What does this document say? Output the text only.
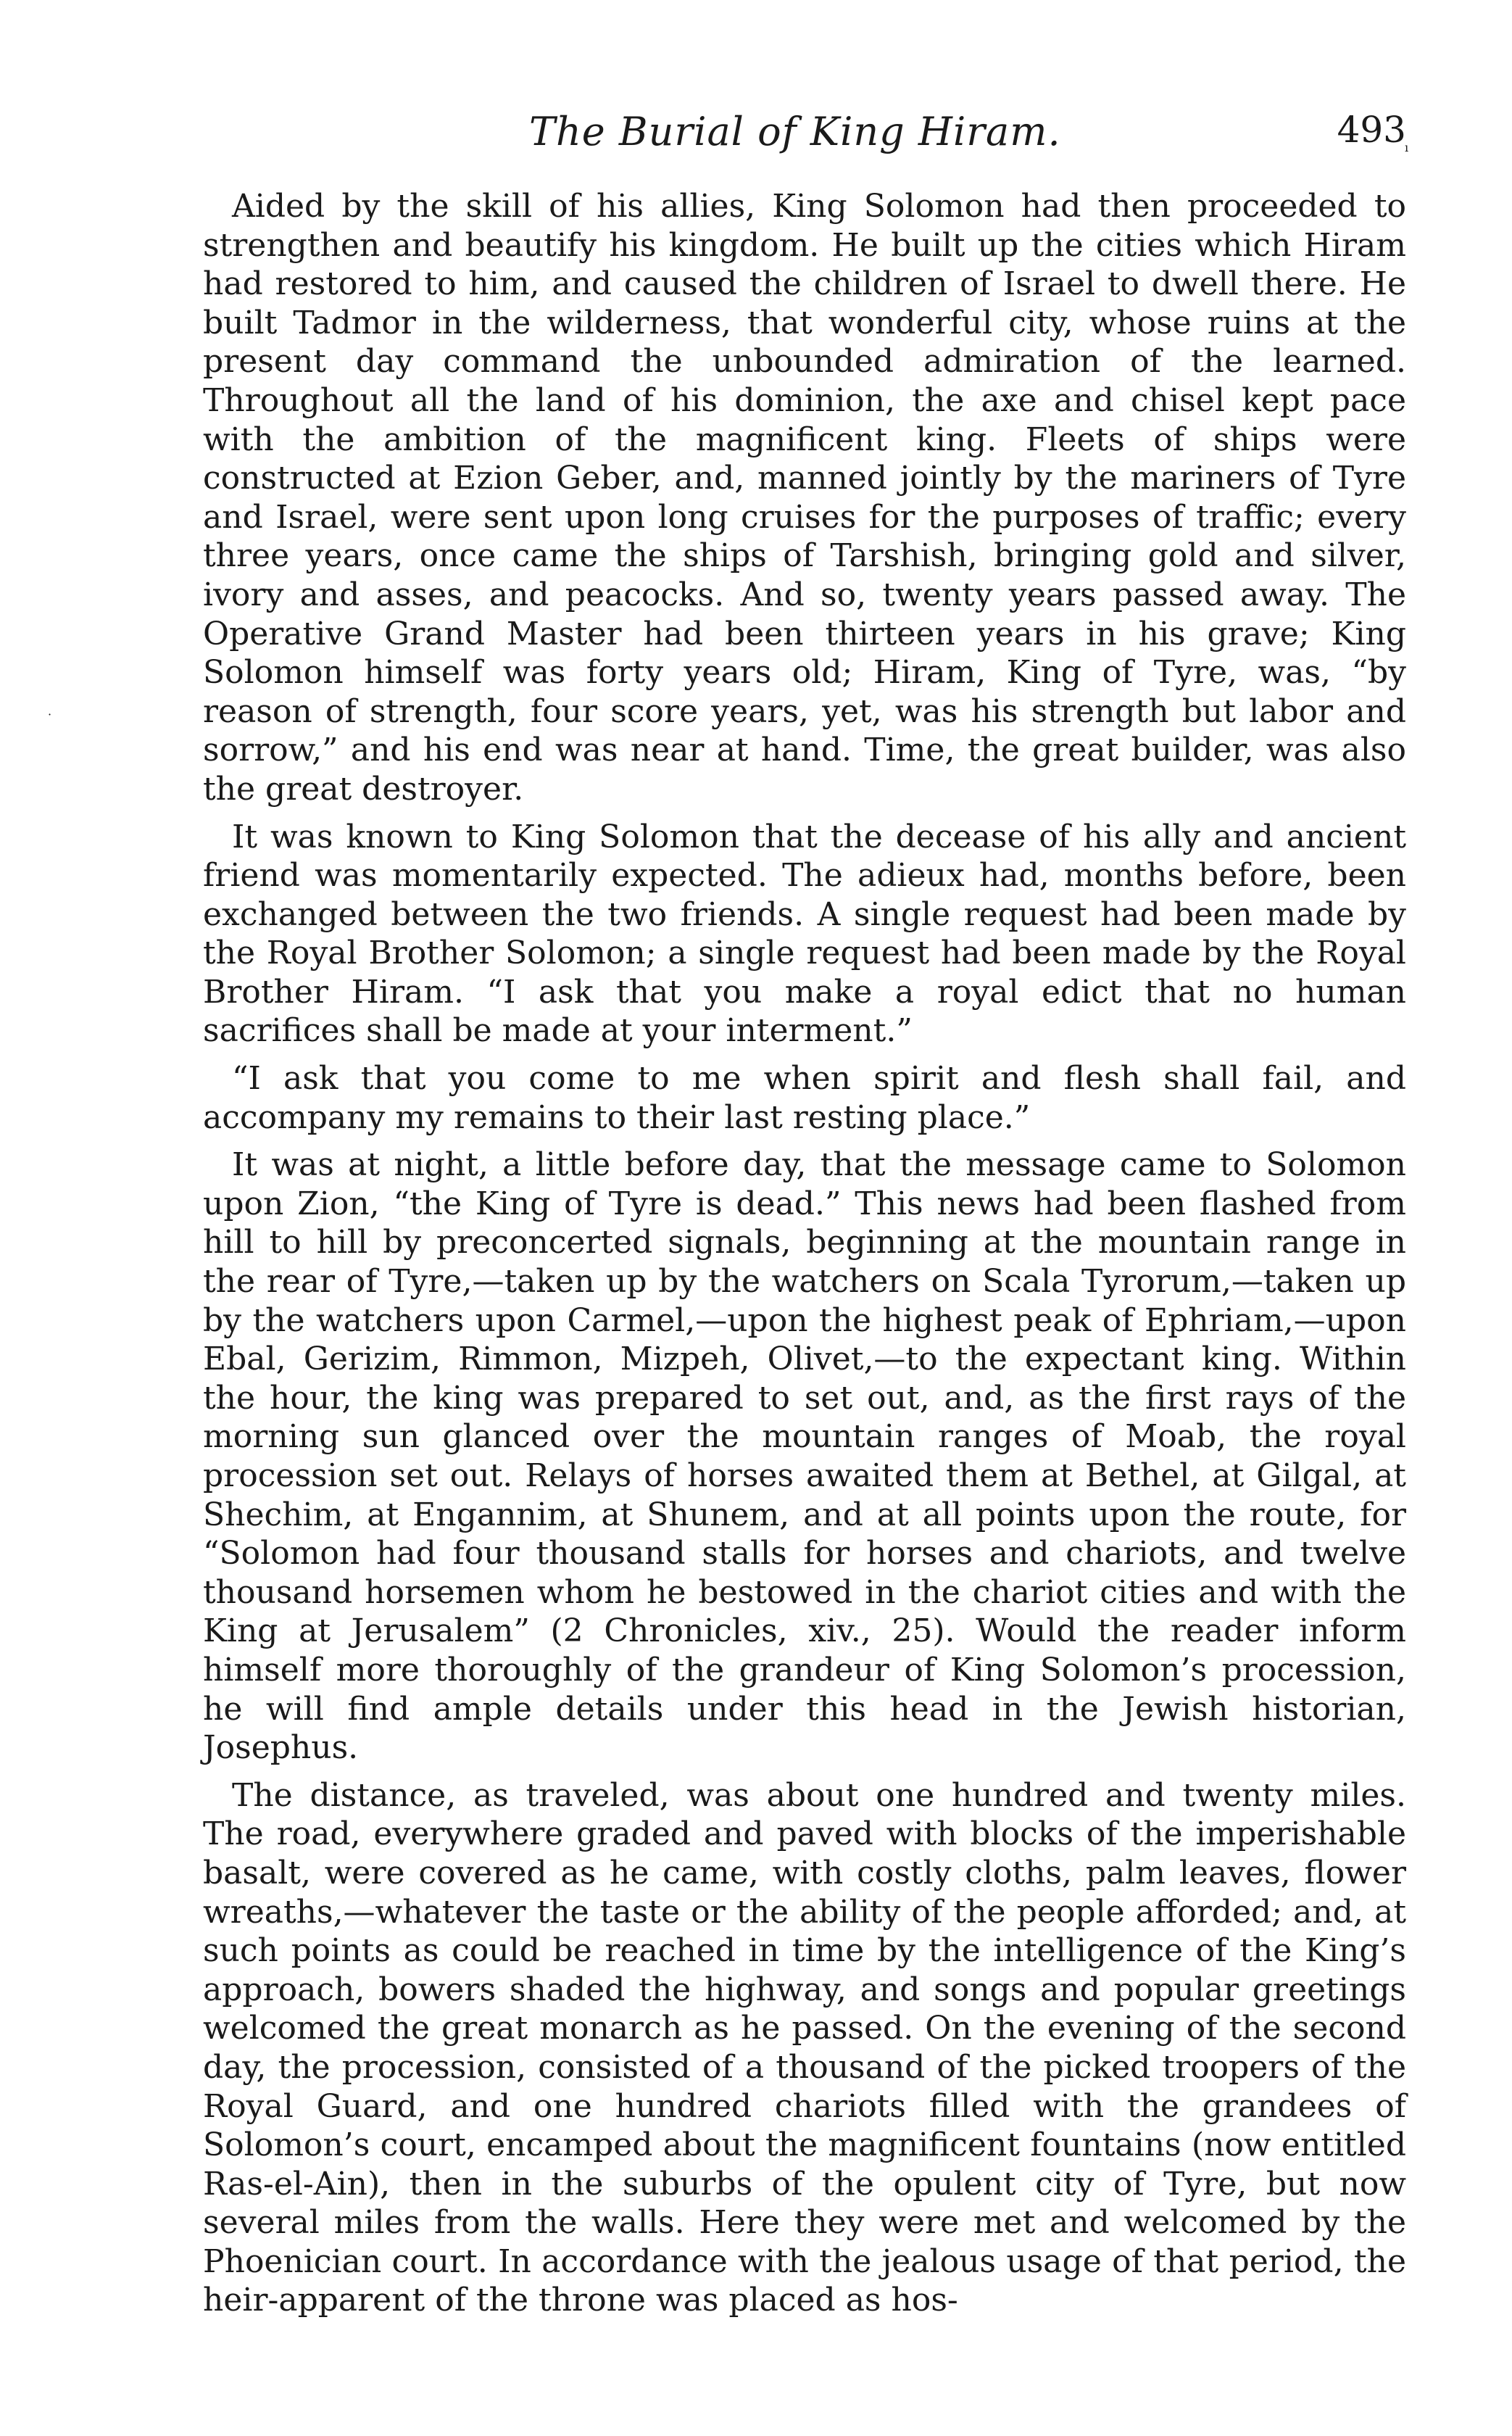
The Burial of King Hiram.	493
ı
·

Aided by the skill of his allies, King Solomon had then proceeded to strengthen and beautify his kingdom. He built up the cities which Hiram had restored to him, and caused the children of Israel to dwell there. He built Tadmor in the wilderness, that wonderful city, whose ruins at the present day command the unbounded admiration of the learned. Throughout all the land of his dominion, the axe and chisel kept pace with the ambition of the magnificent king. Fleets of ships were constructed at Ezion Geber, and, manned jointly by the mariners of Tyre and Israel, were sent upon long cruises for the purposes of traffic; every three years, once came the ships of Tarshish, bringing gold and silver, ivory and asses, and peacocks. And so, twenty years passed away. The Operative Grand Master had been thirteen years in his grave; King Solomon himself was forty years old; Hiram, King of Tyre, was, “by reason of strength, four score years, yet, was his strength but labor and sorrow,” and his end was near at hand. Time, the great builder, was also the great destroyer.

It was known to King Solomon that the decease of his ally and ancient friend was momentarily expected. The adieux had, months before, been exchanged between the two friends. A single request had been made by the Royal Brother Solomon; a single request had been made by the Royal Brother Hiram. “I ask that you make a royal edict that no human sacrifices shall be made at your interment.”

“I ask that you come to me when spirit and flesh shall fail, and accompany my remains to their last resting place.”

It was at night, a little before day, that the message came to Solomon upon Zion, “the King of Tyre is dead.” This news had been flashed from hill to hill by preconcerted signals, beginning at the mountain range in the rear of Tyre,—taken up by the watchers on Scala Tyrorum,—taken up by the watchers upon Carmel,—upon the highest peak of Ephriam,—upon Ebal, Gerizim, Rimmon, Mizpeh, Olivet,—to the expectant king. Within the hour, the king was prepared to set out, and, as the first rays of the morning sun glanced over the mountain ranges of Moab, the royal procession set out. Relays of horses awaited them at Bethel, at Gilgal, at Shechim, at Engannim, at Shunem, and at all points upon the route, for “Solomon had four thousand stalls for horses and chariots, and twelve thousand horsemen whom he bestowed in the chariot cities and with the King at Jerusalem” (2 Chronicles, xiv., 25). Would the reader inform himself more thoroughly of the grandeur of King Solomon’s procession, he will find ample details under this head in the Jewish historian, Josephus.

The distance, as traveled, was about one hundred and twenty miles. The road, everywhere graded and paved with blocks of the imperishable basalt, were covered as he came, with costly cloths, palm leaves, flower wreaths,—whatever the taste or the ability of the people afforded; and, at such points as could be reached in time by the intelligence of the King’s approach, bowers shaded the highway, and songs and popular greetings welcomed the great monarch as he passed. On the evening of the second day, the procession, consisted of a thousand of the picked troopers of the Royal Guard, and one hundred chariots filled with the grandees of Solomon’s court, encamped about the magnificent fountains (now entitled Ras-el-Ain), then in the suburbs of the opulent city of Tyre, but now several miles from the walls. Here they were met and welcomed by the Phoenician court. In accordance with the jealous usage of that period, the heir-apparent of the throne was placed as hos-
